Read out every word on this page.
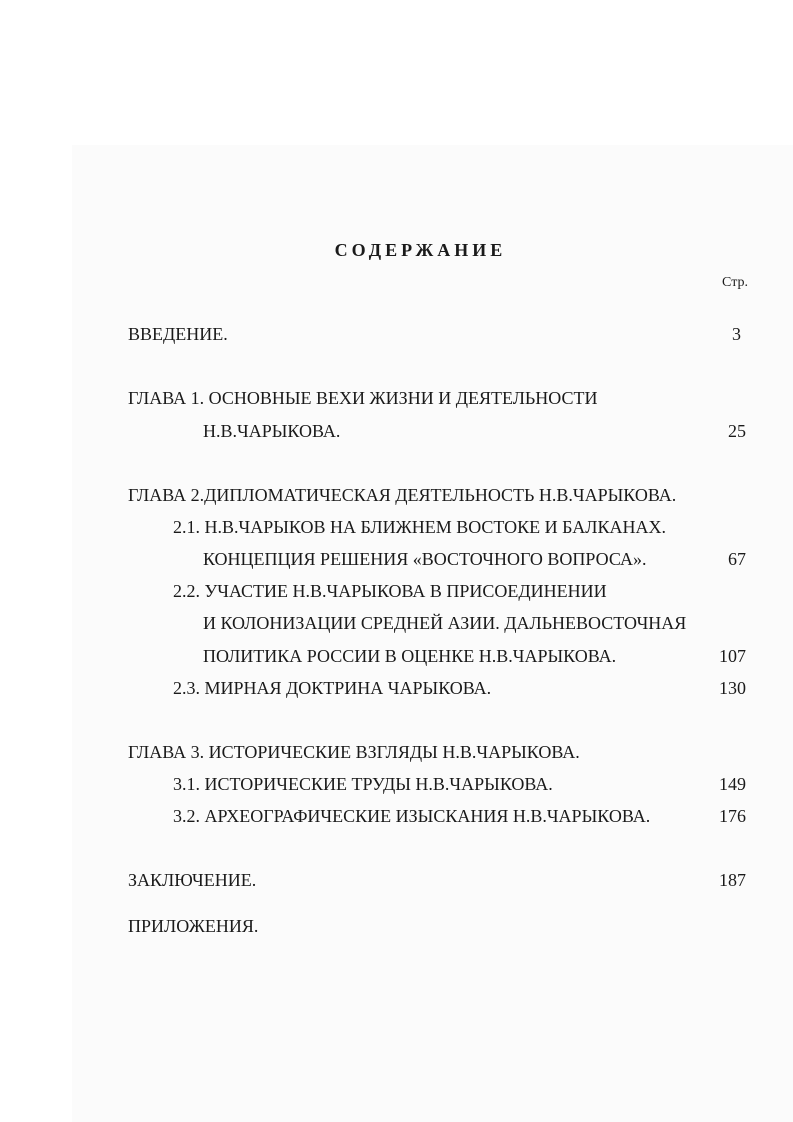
СОДЕРЖАНИЕ
Стр.
ВВЕДЕНИЕ.	3
ГЛАВА 1. ОСНОВНЫЕ ВЕХИ ЖИЗНИ И ДЕЯТЕЛЬНОСТИ
Н.В.ЧАРЫКОВА.	25
ГЛАВА 2.ДИПЛОМАТИЧЕСКАЯ ДЕЯТЕЛЬНОСТЬ Н.В.ЧАРЫКОВА.
2.1. Н.В.ЧАРЫКОВ НА БЛИЖНЕМ ВОСТОКЕ И БАЛКАНАХ.
КОНЦЕПЦИЯ РЕШЕНИЯ «ВОСТОЧНОГО ВОПРОСА».	67
2.2. УЧАСТИЕ Н.В.ЧАРЫКОВА В ПРИСОЕДИНЕНИИ
И КОЛОНИЗАЦИИ СРЕДНЕЙ АЗИИ. ДАЛЬНЕВОСТОЧНАЯ
ПОЛИТИКА РОССИИ В ОЦЕНКЕ Н.В.ЧАРЫКОВА.	107
2.3. МИРНАЯ ДОКТРИНА ЧАРЫКОВА.	130
ГЛАВА 3. ИСТОРИЧЕСКИЕ ВЗГЛЯДЫ Н.В.ЧАРЫКОВА.
3.1. ИСТОРИЧЕСКИЕ ТРУДЫ Н.В.ЧАРЫКОВА.	149
3.2. АРХЕОГРАФИЧЕСКИЕ ИЗЫСКАНИЯ Н.В.ЧАРЫКОВА.	176
ЗАКЛЮЧЕНИЕ.	187
ПРИЛОЖЕНИЯ.
